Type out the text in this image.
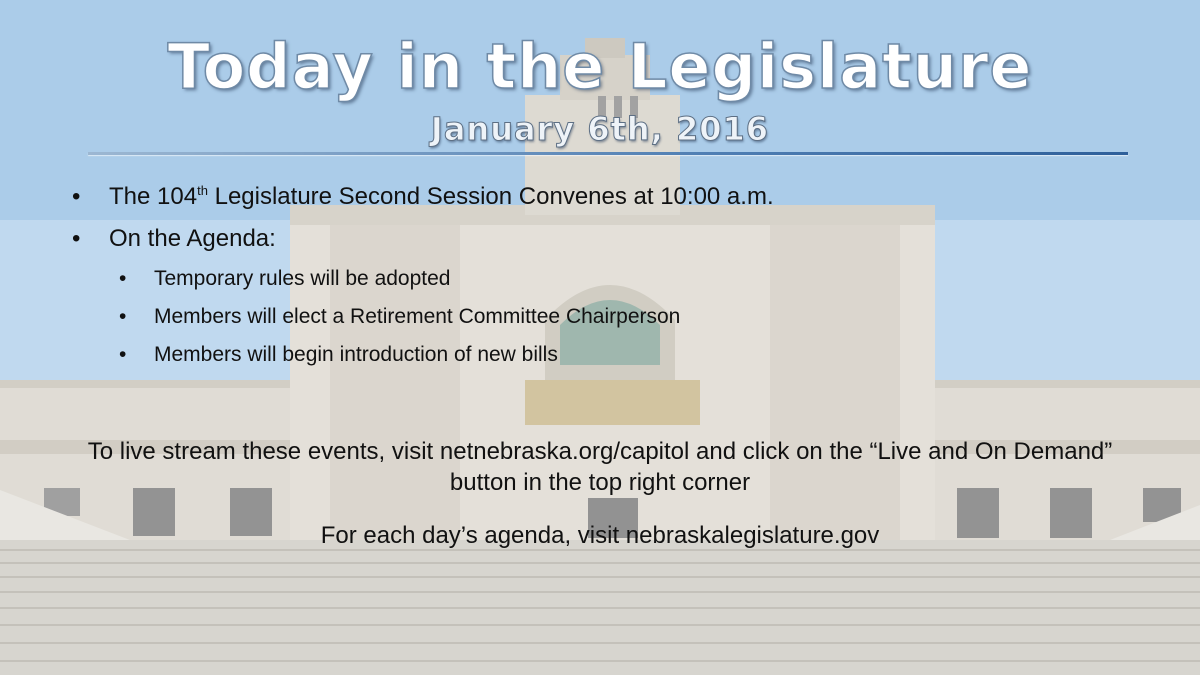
Today in the Legislature
January 6th, 2016
• The 104th Legislature Second Session Convenes at 10:00 a.m.
• On the Agenda:
• Temporary rules will be adopted
• Members will elect a Retirement Committee Chairperson
• Members will begin introduction of new bills
To live stream these events, visit netnebraska.org/capitol and click on the “Live and On Demand” button in the top right corner
For each day’s agenda, visit nebraskalegislature.gov
